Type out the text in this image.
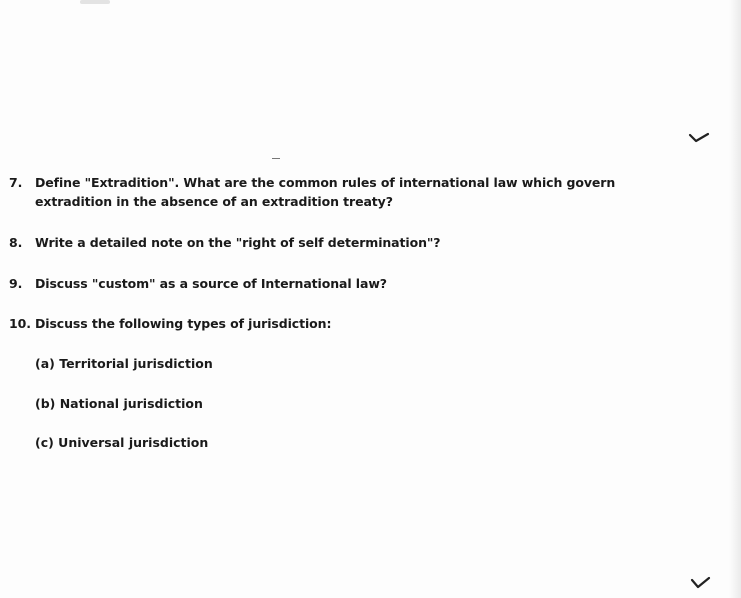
7. Define "Extradition". What are the common rules of international law which govern
extradition in the absence of an extradition treaty?
8. Write a detailed note on the "right of self determination"?
9. Discuss "custom" as a source of International law?
10. Discuss the following types of jurisdiction:
(a) Territorial jurisdiction
(b) National jurisdiction
(c) Universal jurisdiction
